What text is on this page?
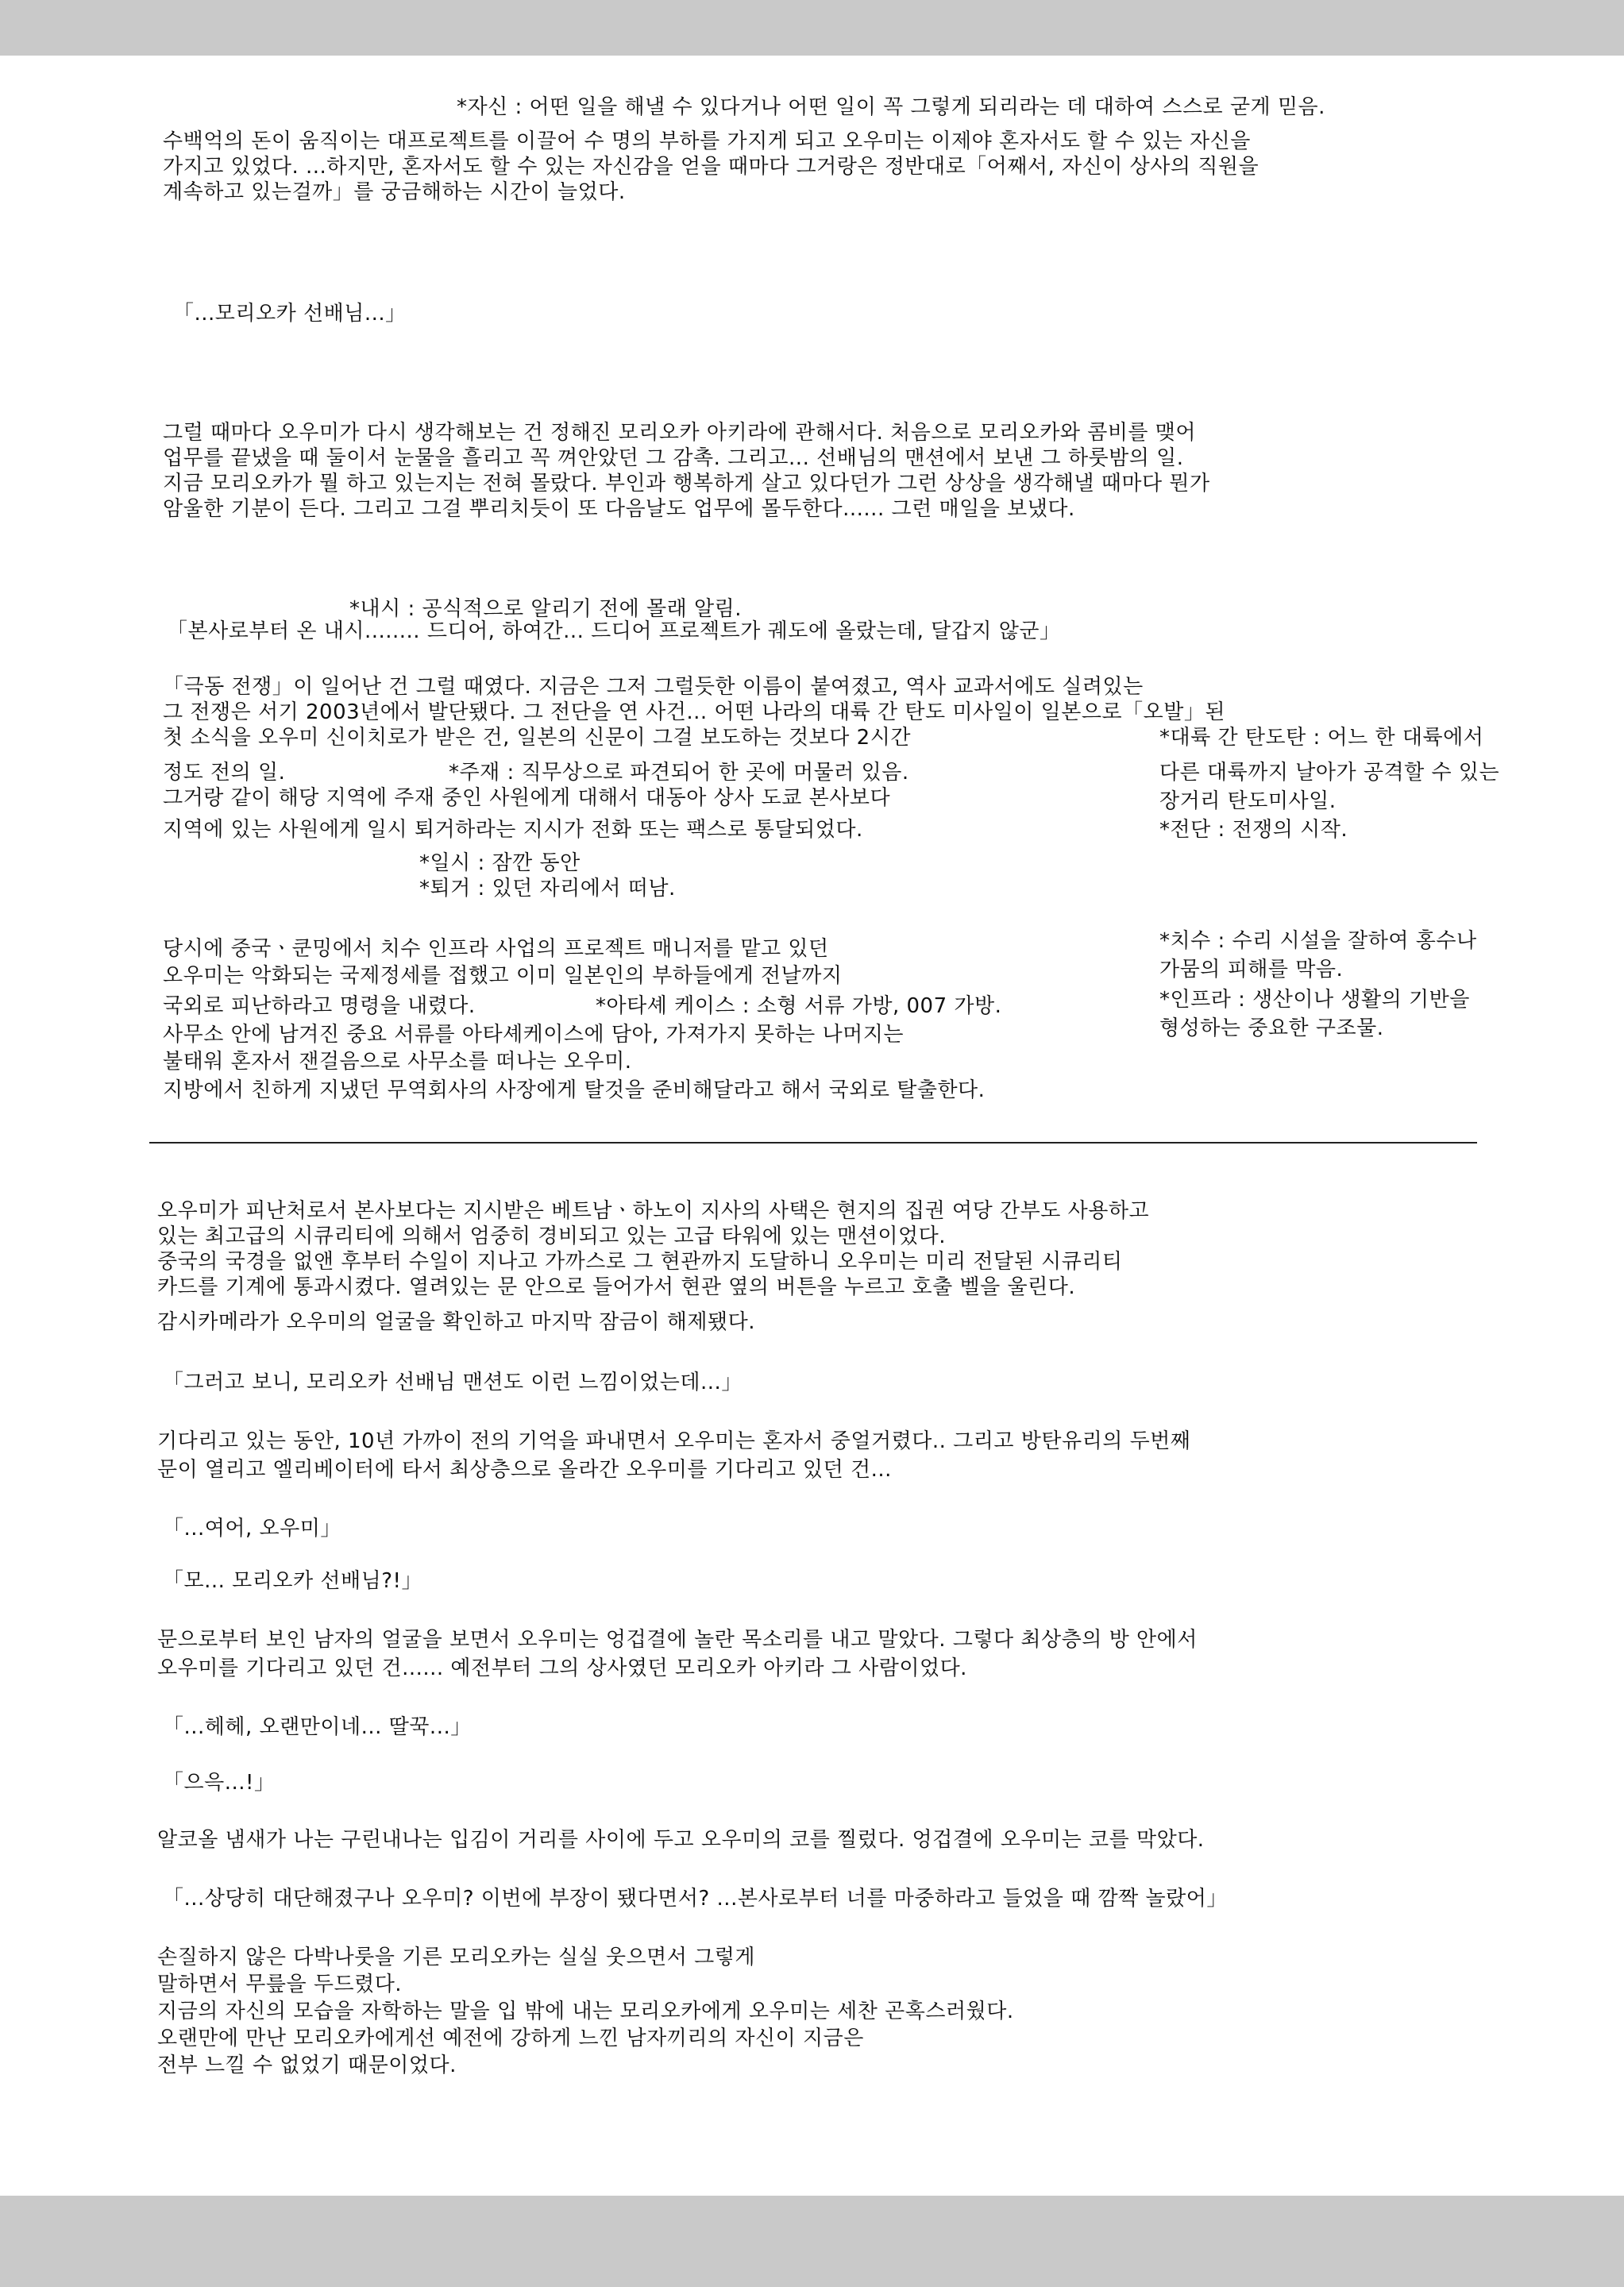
*자신 : 어떤 일을 해낼 수 있다거나 어떤 일이 꼭 그렇게 되리라는 데 대하여 스스로 굳게 믿음.
수백억의 돈이 움직이는 대프로젝트를 이끌어 수 명의 부하를 가지게 되고 오우미는 이제야 혼자서도 할 수 있는 자신을
가지고 있었다. ...하지만, 혼자서도 할 수 있는 자신감을 얻을 때마다 그거랑은 정반대로「어째서, 자신이 상사의 직원을
계속하고 있는걸까」를 궁금해하는 시간이 늘었다.
「...모리오카 선배님...」
그럴 때마다 오우미가 다시 생각해보는 건 정해진 모리오카 아키라에 관해서다. 처음으로 모리오카와 콤비를 맺어
업무를 끝냈을 때 둘이서 눈물을 흘리고 꼭 껴안았던 그 감촉. 그리고... 선배님의 맨션에서 보낸 그 하룻밤의 일.
지금 모리오카가 뭘 하고 있는지는 전혀 몰랐다. 부인과 행복하게 살고 있다던가 그런 상상을 생각해낼 때마다 뭔가
암울한 기분이 든다. 그리고 그걸 뿌리치듯이 또 다음날도 업무에 몰두한다...... 그런 매일을 보냈다.
*내시 : 공식적으로 알리기 전에 몰래 알림.
「본사로부터 온 내시........ 드디어, 하여간... 드디어 프로젝트가 궤도에 올랐는데, 달갑지 않군」
「극동 전쟁」이 일어난 건 그럴 때였다. 지금은 그저 그럴듯한 이름이 붙여졌고, 역사 교과서에도 실려있는
그 전쟁은 서기 2003년에서 발단됐다. 그 전단을 연 사건... 어떤 나라의 대륙 간 탄도 미사일이 일본으로「오발」된
첫 소식을 오우미 신이치로가 받은 건, 일본의 신문이 그걸 보도하는 것보다 2시간
정도 전의 일.	*주재 : 직무상으로 파견되어 한 곳에 머물러 있음.
그거랑 같이 해당 지역에 주재 중인 사원에게 대해서 대동아 상사 도쿄 본사보다
지역에 있는 사원에게 일시 퇴거하라는 지시가 전화 또는 팩스로 통달되었다.
*일시 : 잠깐 동안
*퇴거 : 있던 자리에서 떠남.
*대륙 간 탄도탄 : 어느 한 대륙에서
다른 대륙까지 날아가 공격할 수 있는
장거리 탄도미사일.
*전단 : 전쟁의 시작.
당시에 중국ㆍ쿤밍에서 치수 인프라 사업의 프로젝트 매니저를 맡고 있던
오우미는 악화되는 국제정세를 접했고 이미 일본인의 부하들에게 전날까지
국외로 피난하라고 명령을 내렸다.	*아타셰 케이스 : 소형 서류 가방, 007 가방.
사무소 안에 남겨진 중요 서류를 아타셰케이스에 담아, 가져가지 못하는 나머지는
불태워 혼자서 잰걸음으로 사무소를 떠나는 오우미.
지방에서 친하게 지냈던 무역회사의 사장에게 탈것을 준비해달라고 해서 국외로 탈출한다.
*치수 : 수리 시설을 잘하여 홍수나
가뭄의 피해를 막음.
*인프라 : 생산이나 생활의 기반을
형성하는 중요한 구조물.
오우미가 피난처로서 본사보다는 지시받은 베트남ㆍ하노이 지사의 사택은 현지의 집권 여당 간부도 사용하고
있는 최고급의 시큐리티에 의해서 엄중히 경비되고 있는 고급 타워에 있는 맨션이었다.
중국의 국경을 없앤 후부터 수일이 지나고 가까스로 그 현관까지 도달하니 오우미는 미리 전달된 시큐리티
카드를 기계에 통과시켰다. 열려있는 문 안으로 들어가서 현관 옆의 버튼을 누르고 호출 벨을 울린다.
감시카메라가 오우미의 얼굴을 확인하고 마지막 잠금이 해제됐다.
「그러고 보니, 모리오카 선배님 맨션도 이런 느낌이었는데...」
기다리고 있는 동안, 10년 가까이 전의 기억을 파내면서 오우미는 혼자서 중얼거렸다.. 그리고 방탄유리의 두번째
문이 열리고 엘리베이터에 타서 최상층으로 올라간 오우미를 기다리고 있던 건...
「...여어, 오우미」
「모... 모리오카 선배님?!」
문으로부터 보인 남자의 얼굴을 보면서 오우미는 엉겁결에 놀란 목소리를 내고 말았다. 그렇다 최상층의 방 안에서
오우미를 기다리고 있던 건...... 예전부터 그의 상사였던 모리오카 아키라 그 사람이었다.
「...헤헤, 오랜만이네... 딸꾹...」
「으윽...!」
알코올 냄새가 나는 구린내나는 입김이 거리를 사이에 두고 오우미의 코를 찔렀다. 엉겁결에 오우미는 코를 막았다.
「...상당히 대단해졌구나 오우미? 이번에 부장이 됐다면서? ...본사로부터 너를 마중하라고 들었을 때 깜짝 놀랐어」
손질하지 않은 다박나룻을 기른 모리오카는 실실 웃으면서 그렇게
말하면서 무릎을 두드렸다.
지금의 자신의 모습을 자학하는 말을 입 밖에 내는 모리오카에게 오우미는 세찬 곤혹스러웠다.
오랜만에 만난 모리오카에게선 예전에 강하게 느낀 남자끼리의 자신이 지금은
전부 느낄 수 없었기 때문이었다.
